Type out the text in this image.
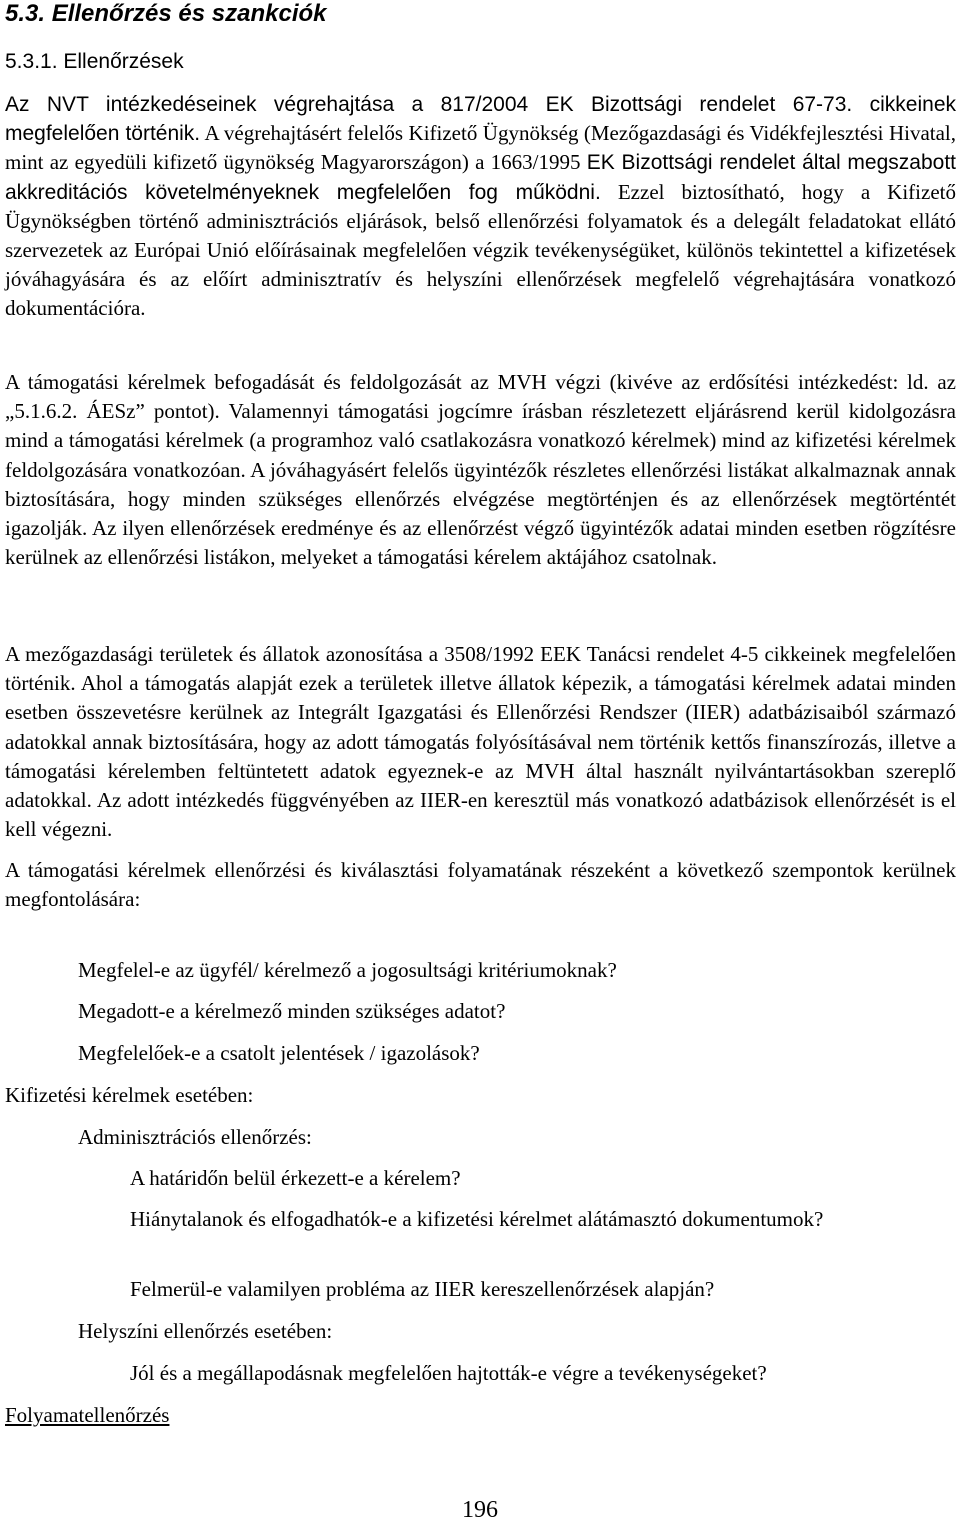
5.3. Ellenőrzés és szankciók
5.3.1. Ellenőrzések

Az NVT intézkedéseinek végrehajtása a 817/2004 EK Bizottsági rendelet 67-73. cikkeinek megfelelően történik. A végrehajtásért felelős Kifizető Ügynökség (Mezőgazdasági és Vidékfejlesztési Hivatal, mint az egyedüli kifizető ügynökség Magyarországon) a 1663/1995 EK Bizottsági rendelet által megszabott akkreditációs követelményeknek megfelelően fog működni. Ezzel biztosítható, hogy a Kifizető Ügynökségben történő adminisztrációs eljárások, belső ellenőrzési folyamatok és a delegált feladatokat ellátó szervezetek az Európai Unió előírásainak megfelelően végzik tevékenységüket, különös tekintettel a kifizetések jóváhagyására és az előírt adminisztratív és helyszíni ellenőrzések megfelelő végrehajtására vonatkozó dokumentációra.

A támogatási kérelmek befogadását és feldolgozását az MVH végzi (kivéve az erdősítési intézkedést: ld. az „5.1.6.2. ÁESz” pontot). Valamennyi támogatási jogcímre írásban részletezett eljárásrend kerül kidolgozásra mind a támogatási kérelmek (a programhoz való csatlakozásra vonatkozó kérelmek) mind az kifizetési kérelmek feldolgozására vonatkozóan. A jóváhagyásért felelős ügyintézők részletes ellenőrzési listákat alkalmaznak annak biztosítására, hogy minden szükséges ellenőrzés elvégzése megtörténjen és az ellenőrzések megtörténtét igazolják. Az ilyen ellenőrzések eredménye és az ellenőrzést végző ügyintézők adatai minden esetben rögzítésre kerülnek az ellenőrzési listákon, melyeket a támogatási kérelem aktájához csatolnak.

A mezőgazdasági területek és állatok azonosítása a 3508/1992 EEK Tanácsi rendelet 4-5 cikkeinek megfelelően történik. Ahol a támogatás alapját ezek a területek illetve állatok képezik, a támogatási kérelmek adatai minden esetben összevetésre kerülnek az Integrált Igazgatási és Ellenőrzési Rendszer (IIER) adatbázisaiból származó adatokkal annak biztosítására, hogy az adott támogatás folyósításával nem történik kettős finanszírozás, illetve a támogatási kérelemben feltüntetett adatok egyeznek-e az MVH által használt nyilvántartásokban szereplő adatokkal. Az adott intézkedés függvényében az IIER-en keresztül más vonatkozó adatbázisok ellenőrzését is el kell végezni.

A támogatási kérelmek ellenőrzési és kiválasztási folyamatának részeként a következő szempontok kerülnek megfontolására:

Megfelel-e az ügyfél/ kérelmező a jogosultsági kritériumoknak?
Megadott-e a kérelmező minden szükséges adatot?
Megfelelőek-e a csatolt jelentések / igazolások?
Kifizetési kérelmek esetében:
Adminisztrációs ellenőrzés:
A határidőn belül érkezett-e a kérelem?

Hiánytalanok és elfogadhatók-e a kifizetési kérelmet alátámasztó dokumentumok?

Felmerül-e valamilyen probléma az IIER kereszellenőrzések alapján?
Helyszíni ellenőrzés esetében:
Jól és a megállapodásnak megfelelően hajtották-e végre a tevékenységeket?
Folyamatellenőrzés
196
